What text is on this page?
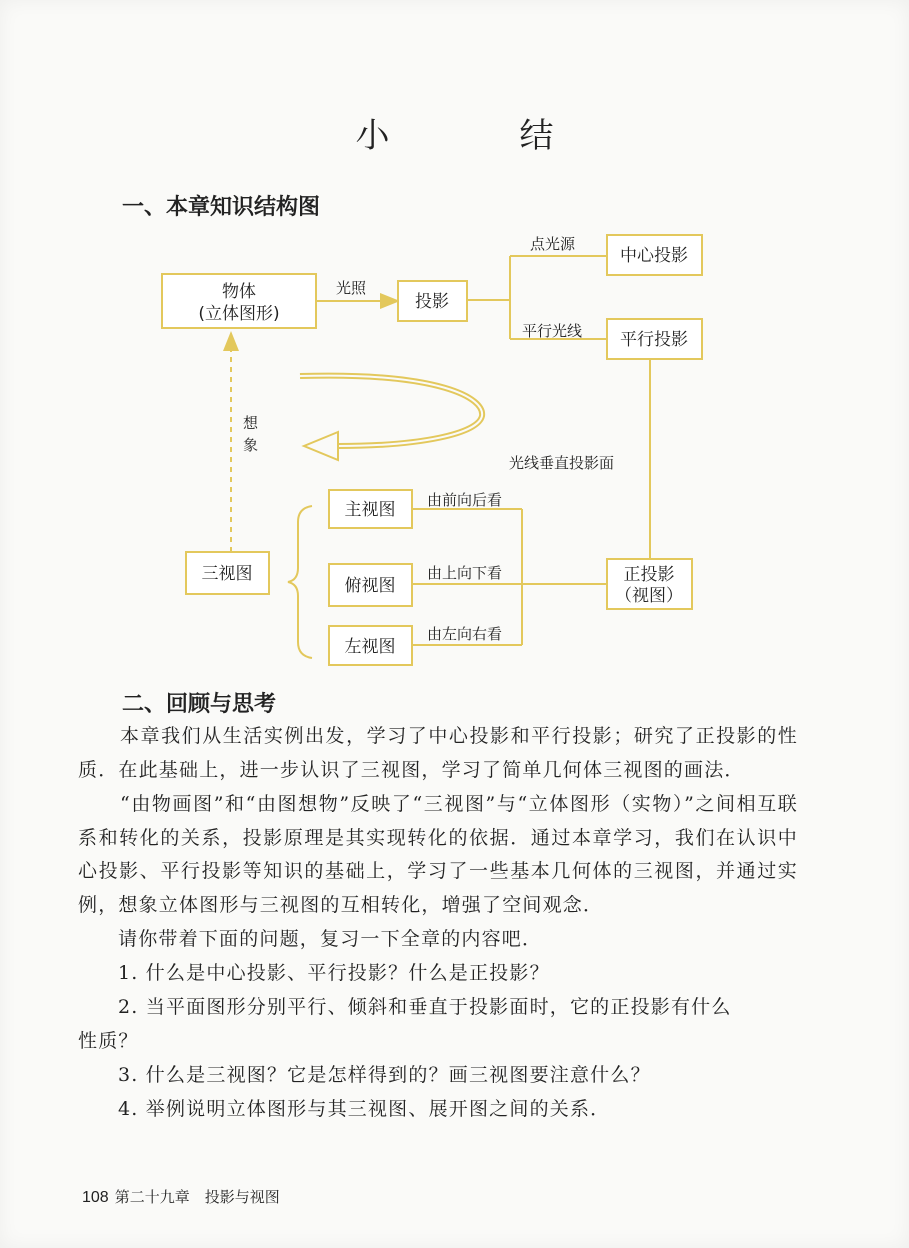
小　结
一、本章知识结构图
物体
(立体图形)
投影
中心投影
平行投影
三视图
主视图
俯视图
左视图
正投影
（视图）
光照
点光源
平行光线
光线垂直投影面
想
象
由前向后看
由上向下看
由左向右看
二、回顾与思考

本章我们从生活实例出发，学习了中心投影和平行投影；研究了正投影的性质．在此基础上，进一步认识了三视图，学习了简单几何体三视图的画法．

“由物画图”和“由图想物”反映了“三视图”与“立体图形（实物）”之间相互联系和转化的关系，投影原理是其实现转化的依据．通过本章学习，我们在认识中心投影、平行投影等知识的基础上，学习了一些基本几何体的三视图，并通过实例，想象立体图形与三视图的互相转化，增强了空间观念．

请你带着下面的问题，复习一下全章的内容吧．

1. 什么是中心投影、平行投影？什么是正投影？

2. 当平面图形分别平行、倾斜和垂直于投影面时，它的正投影有什么

性质？

3. 什么是三视图？它是怎样得到的？画三视图要注意什么？

4. 举例说明立体图形与其三视图、展开图之间的关系．

108 第二十九章　投影与视图
